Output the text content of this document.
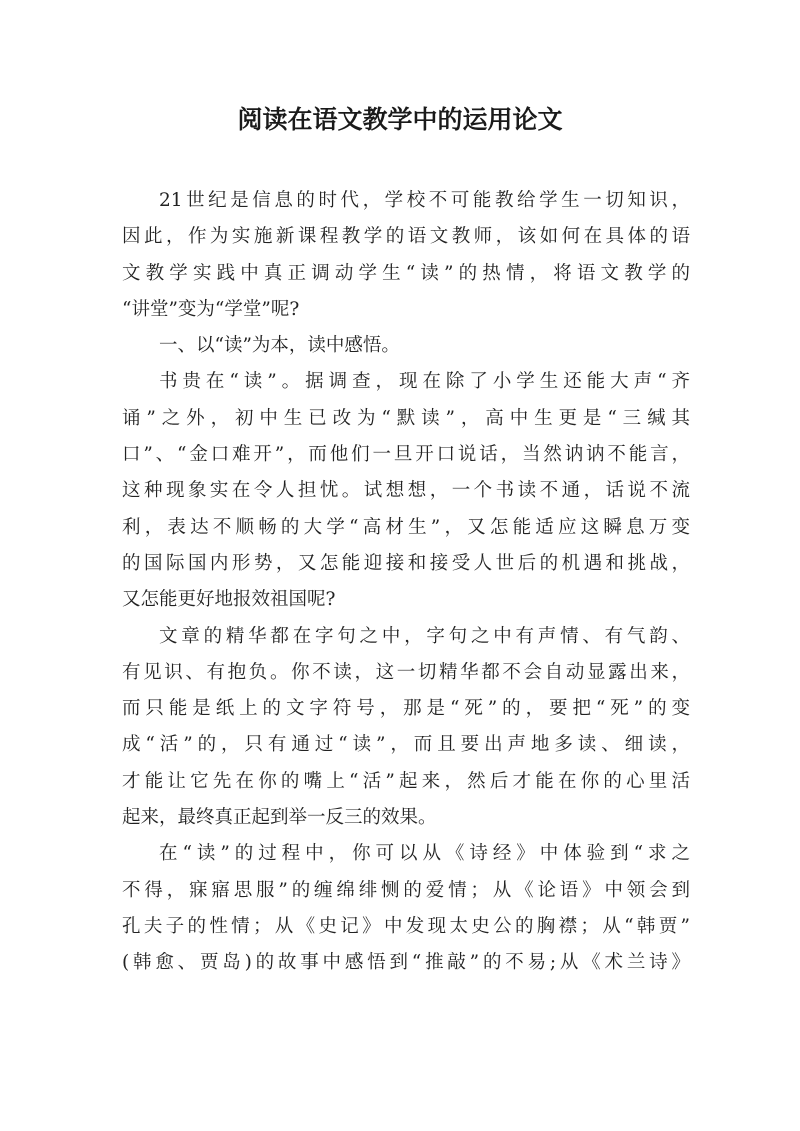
阅读在语文教学中的运用论文
21世纪是信息的时代，学校不可能教给学生一切知识，
因此，作为实施新课程教学的语文教师，该如何在具体的语
文教学实践中真正调动学生“读”的热情，将语文教学的
“讲堂”变为“学堂”呢?
一、以“读”为本，读中感悟。
书贵在“读”。据调查，现在除了小学生还能大声“齐
诵”之外，初中生已改为“默读”，高中生更是“三缄其
口”、“金口难开”，而他们一旦开口说话，当然讷讷不能言，
这种现象实在令人担忧。试想想，一个书读不通，话说不流
利，表达不顺畅的大学“高材生”，又怎能适应这瞬息万变
的国际国内形势，又怎能迎接和接受人世后的机遇和挑战，
又怎能更好地报效祖国呢?
文章的精华都在字句之中，字句之中有声情、有气韵、
有见识、有抱负。你不读，这一切精华都不会自动显露出来，
而只能是纸上的文字符号，那是“死”的，要把“死”的变
成“活”的，只有通过“读”，而且要出声地多读、细读，
才能让它先在你的嘴上“活”起来，然后才能在你的心里活
起来，最终真正起到举一反三的效果。
在“读”的过程中，你可以从《诗经》中体验到“求之
不得，寐寤思服”的缠绵绯恻的爱情；从《论语》中领会到
孔夫子的性情；从《史记》中发现太史公的胸襟；从“韩贾”
(韩愈、贾岛)的故事中感悟到“推敲”的不易;从《术兰诗》
